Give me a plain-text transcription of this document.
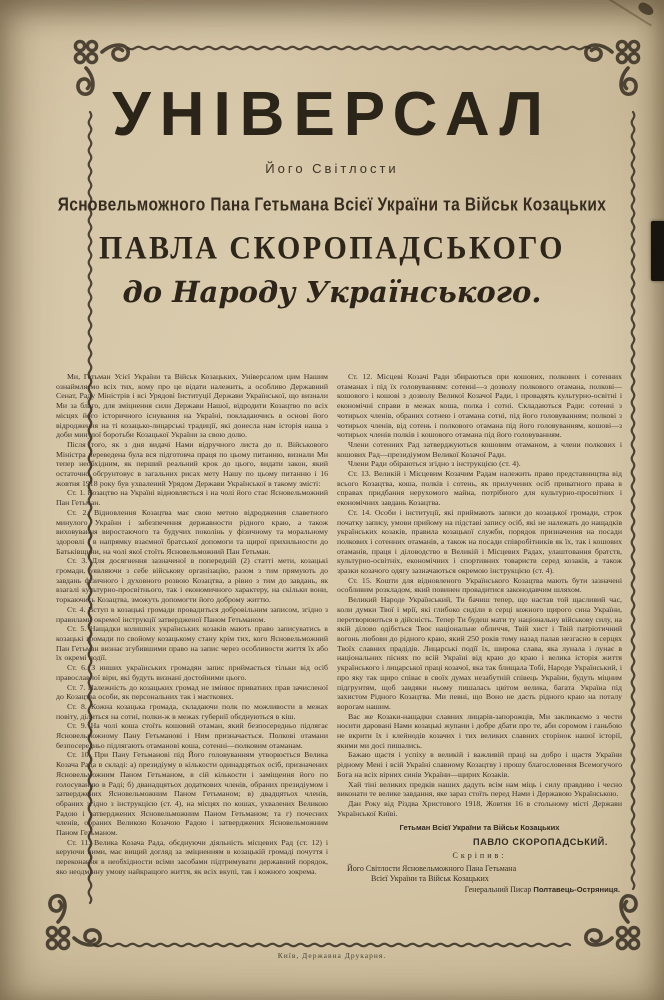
УНІВЕРСАЛ
Його Світлости
Ясновельможного Пана Гетьмана Всієї України та Військ Козацьких
ПАВЛА СКОРОПАДСЬКОГО
до Народу Українського.

Ми, Гетьман Усієї України та Військ Козацьких, Універсалом цим Нашим ознаймляємо всіх тих, кому про це відати належить, а особливо Державний Сенат, Раду Міністрів і всі Урядові Інституції Держави Української, що визнали Ми за благо, для зміцнення сили Держави Нашої, відродити Козацтво по всіх місцях його історичного існування на Україні, покладаючись в основі його відродження на ті козацько-лицарські традиції, які донесла нам історія наша з доби минулої боротьби Козацької України за свою долю.

Після того, як з дня видачі Нами відручного листа до п. Військового Міністра переведена була вся підготовча праця по цьому питанню, визнали Ми тепер необхідним, як перший реальний крок до цього, видати закон, який остаточно обгрунтовує в загальних рисах мету Нашу по цьому питанню і 16 жовтня 1918 року був ухвалений Урядом Держави Української в такому змісті:

Ст. 1. Козацтво на Україні відновляється і на чолі його стає Ясновельможний Пан Гетьман.

Ст. 2. Відновлення Козацтва має свою метою відродження славетного минулого України і забезпечення державности рідного краю, а також виховування виростаючого та будучих поколінь у фізичному та моральному здоровлі і в напрямку взаємної братської допомоги та щирої прихильности до Батьківщини, на чолі якої стоїть Ясновельможний Пан Гетьман.

Ст. 3. Для досягнення зазначеної в попередній (2) статті мети, козацькі громади, уявляючи з себе військову організацію, разом з тим прямують до завдань фізичного і духовного розвою Козацтва, а рівно з тим до завдань, як взагалі культурно-просвітнього, так і економичного характеру, на скільки вони, торкаючись Козацтва, зможуть допомогти його доброму життю.

Ст. 4. Вступ в козацькі громади провадиться добровільним записом, згідно з правилами окремої інструкції затвердженої Паном Гетьманом.

Ст. 5. Нащадки колишніх українських козаків мають право записуватись в козацькі громади по свойому козацькому стану крім тих, кого Ясновельможний Пан Гетьман визнає згубившими право на запис через особливости життя їх або їх окремі подїї.

Ст. 6. З инших українських громадян запис приймається тільки від осіб православної віри, які будуть визнані достойними цього.

Ст. 7. Належність до козацьких громад не змінює приватних прав зачисленої до Козацтва особи, як персональних так і маєткових.

Ст. 8. Кожна козацька громада, складаючи полк по можливости в межах повіту, ділиться на сотні, полки-ж в межах губернії обєднуються в кіш.

Ст. 9. На чолі коша стоїть кошовий отаман, який безпосередньо підлягає Ясновельможному Пану Гетьманові і Ним призначається. Полкові отамани безпосередньо підлягають отаманові коша, сотенні—полковим отаманам.

Ст. 10. При Пану Гетьманові під Його головуванням утворюється Велика Козача Рада в складі: а) президіуму в кількости одинадцятьох осіб, призначених Ясновельможним Паном Гетьманом, в сій кількости і заміщення його по голосуванню в Раді; б) дванадцятьох додаткових членів, обраних президіумом і затверджених Ясновельможним Паном Гетьманом; в) двадцятьох членів, обраних згідно з інструкцією (ст. 4), на місцях по кошах, ухвалених Великою Радою і затверджених Ясновельможним Паном Гетьманом; та г) почесних членів, обраних Великою Козачою Радою і затверджених Ясновельможним Паном Гетьманом.

Ст. 11. Велика Козача Рада, обєднуючи діяльність місцевих Рад (ст. 12) і керуючи ними, має вищий догляд за зміцненням в козацькій громаді почуття і переконання в необхідности всіми засобами підтримувати державний порядок, яко неодмінну умову найкращого життя, як всіх вкупі, так і кожного зокрема.

Ст. 12. Місцеві Козачі Ради збираються при кошових, полкових і сотенних отаманах і під їх головуванням: сотенні—з дозволу полкового отамана, полкові—кошового і кошові з дозволу Великої Козачої Ради, і провадять культурно-освітні і економічні справи в межах коша, полка і сотні. Складаються Ради: сотенні з чотирьох членів, обраних сотнею і отамана сотні, під його головуванням; полкові з чотирьох членів, від сотень і полкового отамана під його головуванням, кошові—з чотирьох членів полків і кошового отамана під його головуванням.

Члени сотенних Рад затверджуються кошовим отаманом, а члени полкових і кошових Рад—президіумом Великої Козачої Ради.

Члени Ради обіраються згідно з інструкцією (ст. 4).

Ст. 13. Великій і Місцевим Козачим Радам належить право представництва від всього Козацтва, коша, полків і сотень, як прилучених осіб приватного права в справах придбання нерухомого майна, потрібного для культурно-просвітних і економічних завдань Козацтва.

Ст. 14. Особи і інституції, які приймають записи до козацької громади, строк початку запису, умови прийому на підставі запису осіб, які не належать до нащадків українських козаків, правила козацької служби, порядок призначення на посади полкових і сотенних отаманів, а також на посади співробітників як їх, так і кошових отаманів, праця і діловодство в Великій і Місцевих Радах, улаштовання братств, культурно-освітніх, економічних і спортивних товариств серед козаків, а також зразки козачого одягу зазначаються окремою інструкцією (ст. 4).

Ст. 15. Кошти для відновленого Українського Козацтва мають бути зазначені особливим розкладом, який повинен провадитися законодавчим шляхом.

Великий Народе Український, Ти бачиш тепер, що настав той щасливий час, коли думки Твої і мрії, які глибоко сиділи в серці кожного щирого сина України, перетворюються в дійсність. Тепер Ти будеш мати ту національну військову силу, на якій ділово одібється Твоє національне обличчя, Твій хист і Твій патріотичний вогонь любови до рідного краю, який 250 років тому назад палав незгасно в серцях Твоїх славних прадідів. Лицарські подїї їх, широка слава, яка лунала і лунає в національних піснях по всій Україні від краю до краю і велика історія життя українського і лицарської праці козачої, яка так блищала Тобі, Народе Український, і про яку так щиро співає в своїх думах незабутній співець України, будуть міцним підгрунтям, щоб завдяки ньому пишалась цвітом велика, багата Україна під захистом Рідного Козацтва. Ми певні, що Воно не дасть рідного краю на поталу ворогам нашим.

Вас же Козаки-нащадки славних лицарів-запорожців, Ми закликаємо з чести носити даровані Нами козацькі жупани і добре дбати про те, аби соромом і ганьбою не вкрити їх і клейнодів козачих і тих великих славних сторінок нашої історії, якими ми досі пишались.

Бажаю щастя і успіху в великій і важливій праці на добро і щастя України рідному Мені і всій Україні славному Козацтву і прошу благословення Всемогучого Бога на всіх вірних синів України—щирих Козаків.

Хай тіні великих предків наших дадуть всім нам міць і силу правдиво і чесно виконати те велике завдання, яке зараз стоїть перед Нами і Державою Українською.

Дан Року від Різдва Христового 1918, Жовтня 16 в стольному місті Держави Української Київі.

Гетьман Всієї України та Військ Козацьких
ПАВЛО СКОРОПАДСЬКИЙ.
Скріпив:
Його Світлости Ясновельможного Пана Гетьмана
Всієї України та Військ Козацьких
Генеральний Писар Полтавець-Остряниця.
Київ, Державна Друкарня.
